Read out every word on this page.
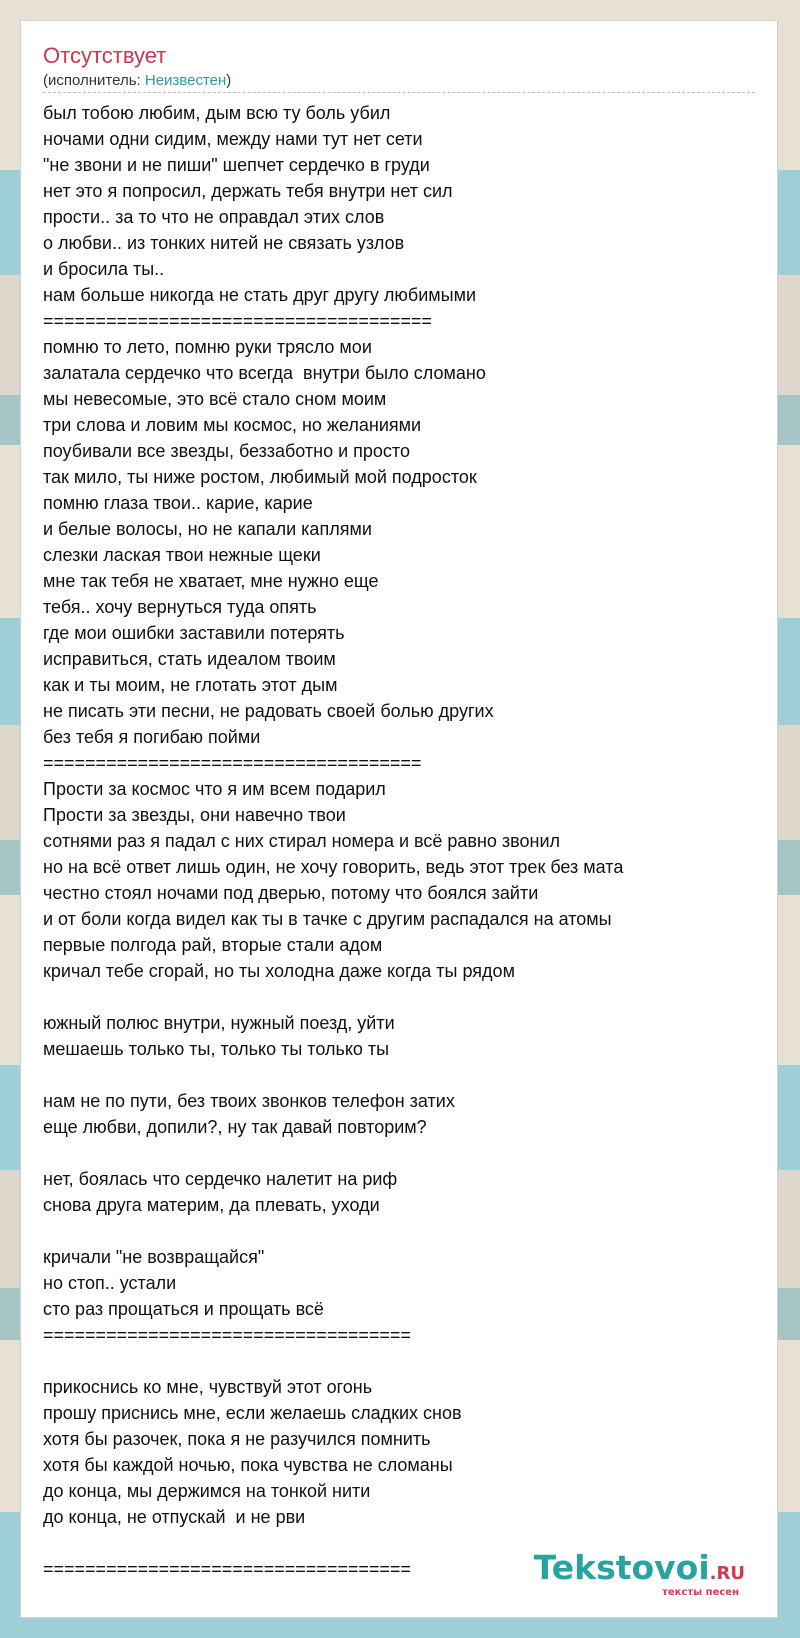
Отсутствует
(исполнитель: Неизвестен)
был тобою любим, дым всю ту боль убил
ночами одни сидим, между нами тут нет сети
"не звони и не пиши" шепчет сердечко в груди
нет это я попросил, держать тебя внутри нет сил
прости.. за то что не оправдал этих слов
о любви.. из тонких нитей не связать узлов
и бросила ты..
нам больше никогда не стать друг другу любимыми
=====================================
помню то лето, помню руки трясло мои
залатала сердечко что всегда  внутри было сломано
мы невесомые, это всё стало сном моим
три слова и ловим мы космос, но желаниями
поубивали все звезды, беззаботно и просто
так мило, ты ниже ростом, любимый мой подросток
помню глаза твои.. карие, карие
и белые волосы, но не капали каплями
слезки лаская твои нежные щеки
мне так тебя не хватает, мне нужно еще
тебя.. хочу вернуться туда опять
где мои ошибки заставили потерять
исправиться, стать идеалом твоим
как и ты моим, не глотать этот дым
не писать эти песни, не радовать своей болью других
без тебя я погибаю пойми
====================================
Прости за космос что я им всем подарил
Прости за звезды, они навечно твои
сотнями раз я падал с них стирал номера и всё равно звонил
но на всё ответ лишь один, не хочу говорить, ведь этот трек без мата
честно стоял ночами под дверью, потому что боялся зайти
и от боли когда видел как ты в тачке с другим распадался на атомы
первые полгода рай, вторые стали адом
кричал тебе сгорай, но ты холодна даже когда ты рядом

южный полюс внутри, нужный поезд, уйти
мешаешь только ты, только ты только ты

нам не по пути, без твоих звонков телефон затих
еще любви, допили?, ну так давай повторим?

нет, боялась что сердечко налетит на риф
снова друга материм, да плевать, уходи

кричали "не возвращайся"
но стоп.. устали
сто раз прощаться и прощать всё
===================================

прикоснись ко мне, чувствуй этот огонь
прошу приснись мне, если желаешь сладких снов
хотя бы разочек, пока я не разучился помнить
хотя бы каждой ночью, пока чувства не сломаны
до конца, мы держимся на тонкой нити
до конца, не отпускай  и не рви

===================================	Tekstovoi.RU
тексты песен
